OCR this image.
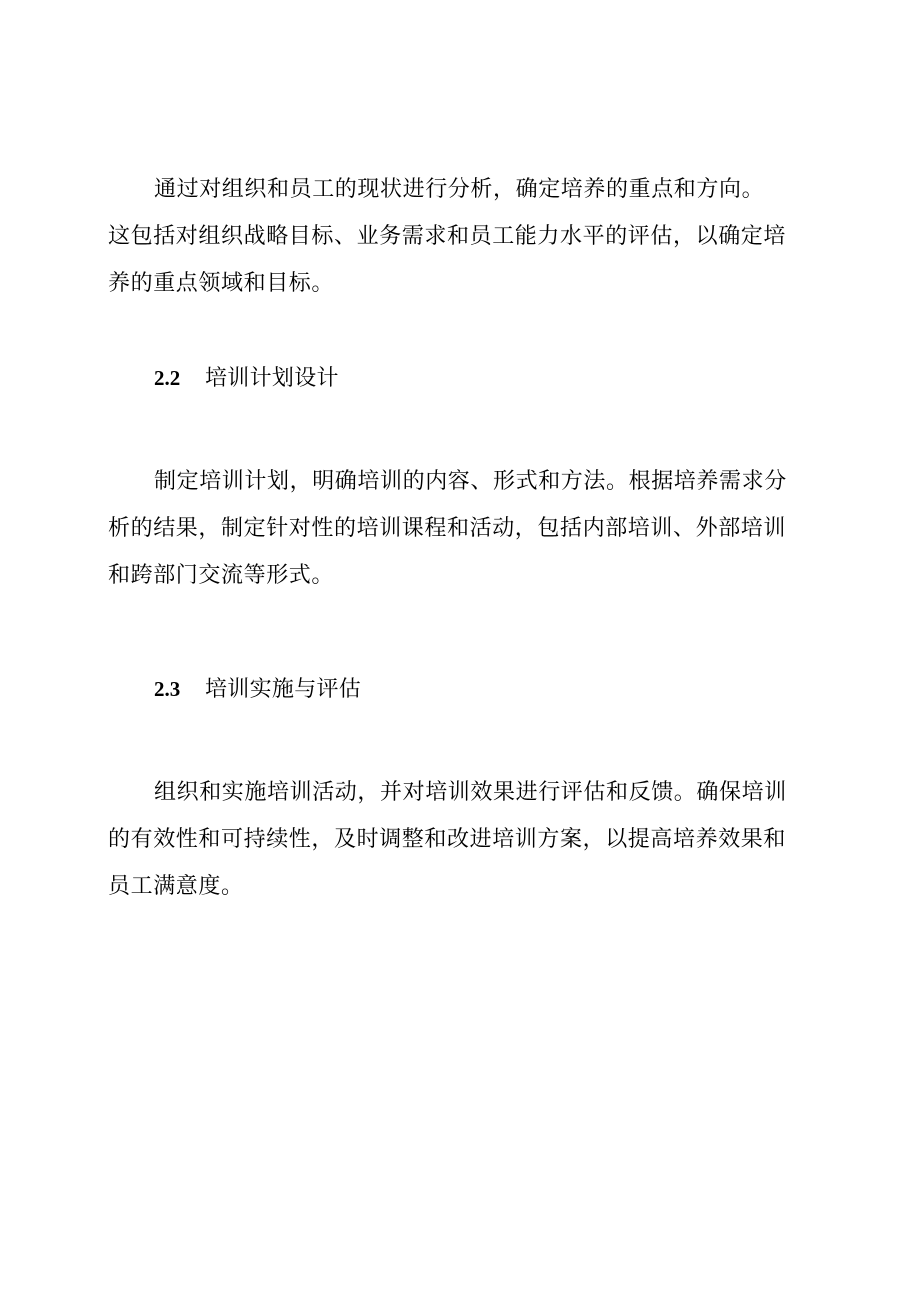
通过对组织和员工的现状进行分析，确定培养的重点和方向。
这包括对组织战略目标、业务需求和员工能力水平的评估，以确定培
养的重点领域和目标。

2.2 培训计划设计

制定培训计划，明确培训的内容、形式和方法。根据培养需求分
析的结果，制定针对性的培训课程和活动，包括内部培训、外部培训
和跨部门交流等形式。

2.3 培训实施与评估

组织和实施培训活动，并对培训效果进行评估和反馈。确保培训
的有效性和可持续性，及时调整和改进培训方案，以提高培养效果和
员工满意度。
